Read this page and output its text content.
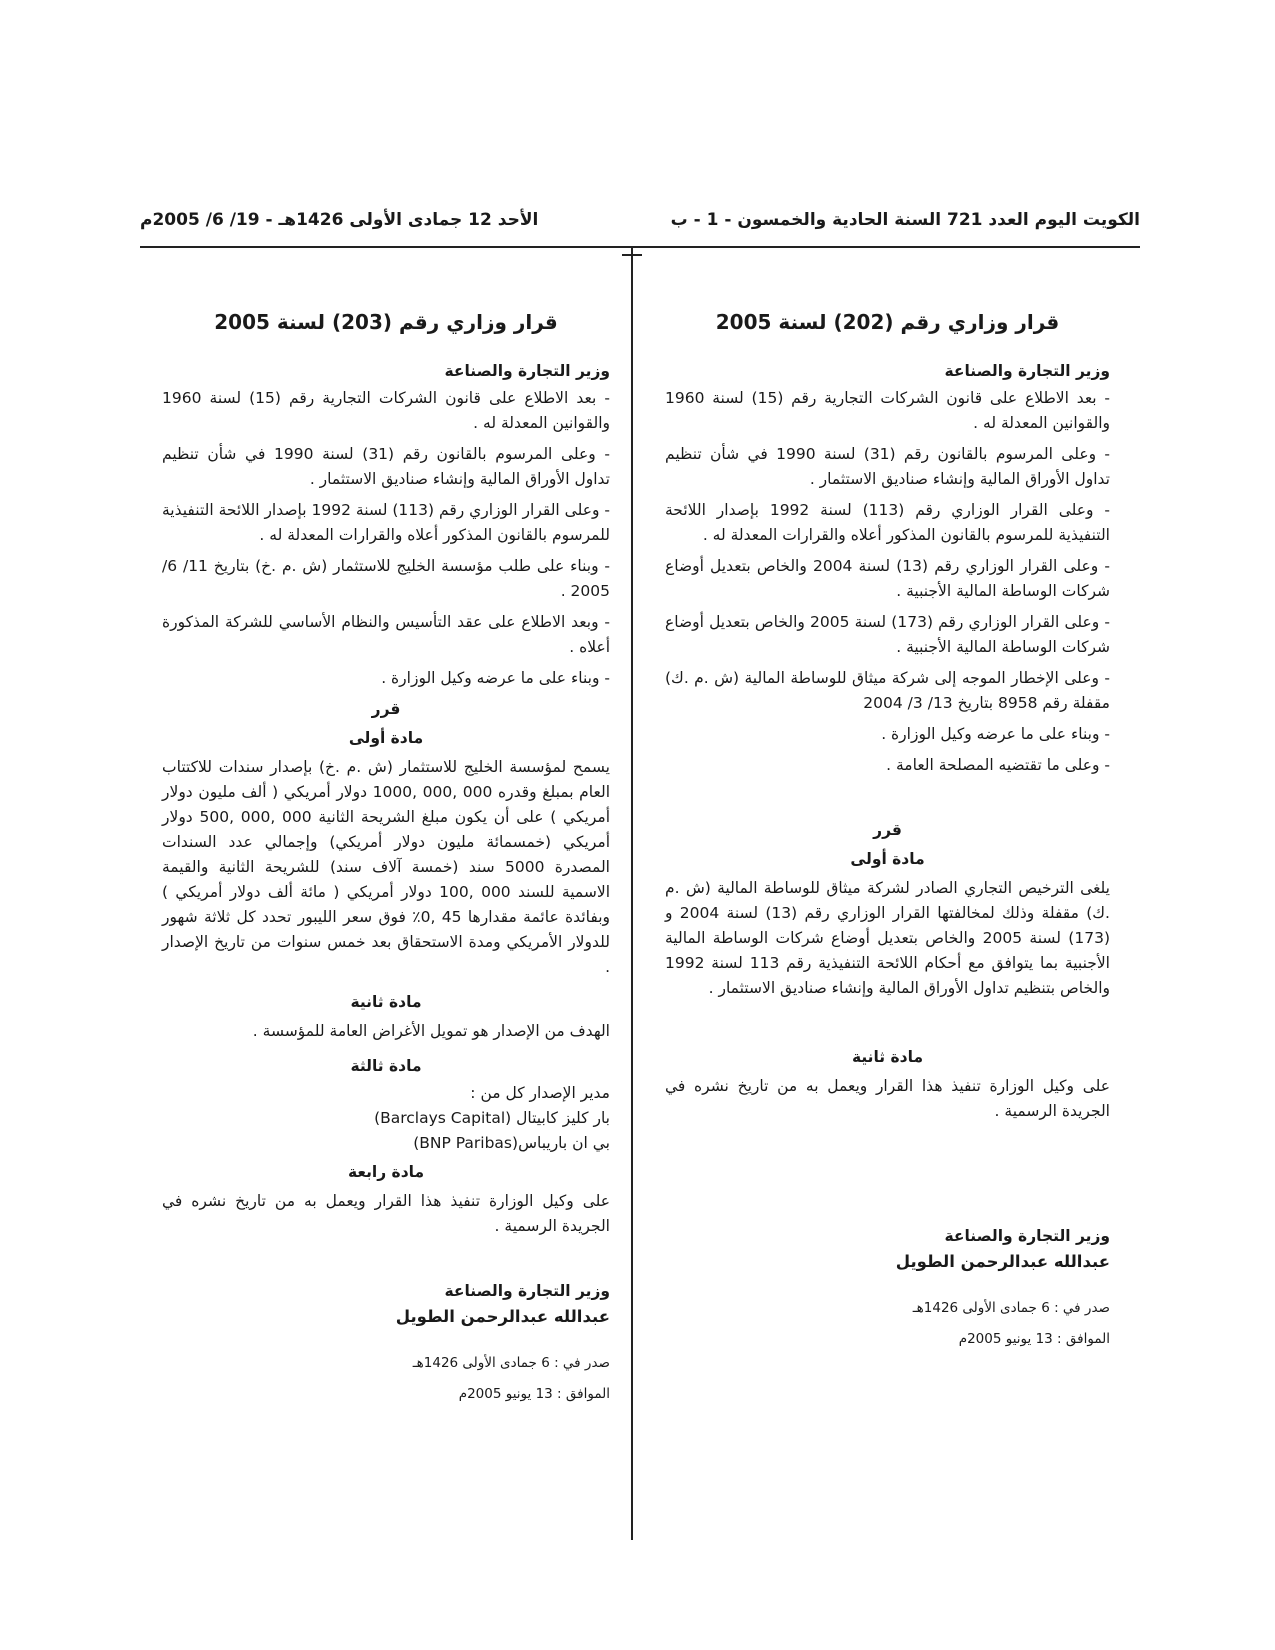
الكويت اليوم العدد 721 السنة الحادية والخمسون - 1 - ب
الأحد 12 جمادى الأولى 1426هـ - 19/ 6/ 2005م
قرار وزاري رقم (202) لسنة 2005
وزير التجارة والصناعة
- بعد الاطلاع على قانون الشركات التجارية رقم (15) لسنة 1960 والقوانين المعدلة له .
- وعلى المرسوم بالقانون رقم (31) لسنة 1990 في شأن تنظيم تداول الأوراق المالية وإنشاء صناديق الاستثمار .
- وعلى القرار الوزاري رقم (113) لسنة 1992 بإصدار اللائحة التنفيذية للمرسوم بالقانون المذكور أعلاه والقرارات المعدلة له .
- وعلى القرار الوزاري رقم (13) لسنة 2004 والخاص بتعديل أوضاع شركات الوساطة المالية الأجنبية .
- وعلى القرار الوزاري رقم (173) لسنة 2005 والخاص بتعديل أوضاع شركات الوساطة المالية الأجنبية .
- وعلى الإخطار الموجه إلى شركة ميثاق للوساطة المالية (ش .م .ك) مقفلة رقم 8958 بتاريخ 13/ 3/ 2004
- وبناء على ما عرضه وكيل الوزارة .
- وعلى ما تقتضيه المصلحة العامة .
قرر
مادة أولى
يلغى الترخيص التجاري الصادر لشركة ميثاق للوساطة المالية (ش .م .ك) مقفلة وذلك لمخالفتها القرار الوزاري رقم (13) لسنة 2004 و (173) لسنة 2005 والخاص بتعديل أوضاع شركات الوساطة المالية الأجنبية بما يتوافق مع أحكام اللائحة التنفيذية رقم 113 لسنة 1992 والخاص بتنظيم تداول الأوراق المالية وإنشاء صناديق الاستثمار .
مادة ثانية
على وكيل الوزارة تنفيذ هذا القرار ويعمل به من تاريخ نشره في الجريدة الرسمية .
وزير التجارة والصناعة
عبدالله عبدالرحمن الطويل
صدر في : 6 جمادى الأولى 1426هـ
الموافق : 13 يونيو 2005م
قرار وزاري رقم (203) لسنة 2005
وزير التجارة والصناعة
- بعد الاطلاع على قانون الشركات التجارية رقم (15) لسنة 1960 والقوانين المعدلة له .
- وعلى المرسوم بالقانون رقم (31) لسنة 1990 في شأن تنظيم تداول الأوراق المالية وإنشاء صناديق الاستثمار .
- وعلى القرار الوزاري رقم (113) لسنة 1992 بإصدار اللائحة التنفيذية للمرسوم بالقانون المذكور أعلاه والقرارات المعدلة له .
- وبناء على طلب مؤسسة الخليج للاستثمار (ش .م .خ) بتاريخ 11/ 6/ 2005 .
- وبعد الاطلاع على عقد التأسيس والنظام الأساسي للشركة المذكورة أعلاه .
- وبناء على ما عرضه وكيل الوزارة .
قرر
مادة أولى
يسمح لمؤسسة الخليج للاستثمار (ش .م .خ) بإصدار سندات للاكتتاب العام بمبلغ وقدره 000 ,000 ,1000 دولار أمريكي ( ألف مليون دولار أمريكي ) على أن يكون مبلغ الشريحة الثانية 000 ,000 ,500 دولار أمريكي (خمسمائة مليون دولار أمريكي) وإجمالي عدد السندات المصدرة 5000 سند (خمسة آلاف سند) للشريحة الثانية والقيمة الاسمية للسند 000 ,100 دولار أمريكي ( مائة ألف دولار أمريكي ) وبفائدة عائمة مقدارها 45 ,0٪ فوق سعر الليبور تحدد كل ثلاثة شهور للدولار الأمريكي ومدة الاستحقاق بعد خمس سنوات من تاريخ الإصدار .
مادة ثانية
الهدف من الإصدار هو تمويل الأغراض العامة للمؤسسة .
مادة ثالثة
مدير الإصدار كل من :
بار كليز كابيتال (Barclays Capital)
بي ان باريباس(BNP Paribas)
مادة رابعة
على وكيل الوزارة تنفيذ هذا القرار ويعمل به من تاريخ نشره في الجريدة الرسمية .
وزير التجارة والصناعة
عبدالله عبدالرحمن الطويل
صدر في : 6 جمادى الأولى 1426هـ
الموافق : 13 يونيو 2005م
